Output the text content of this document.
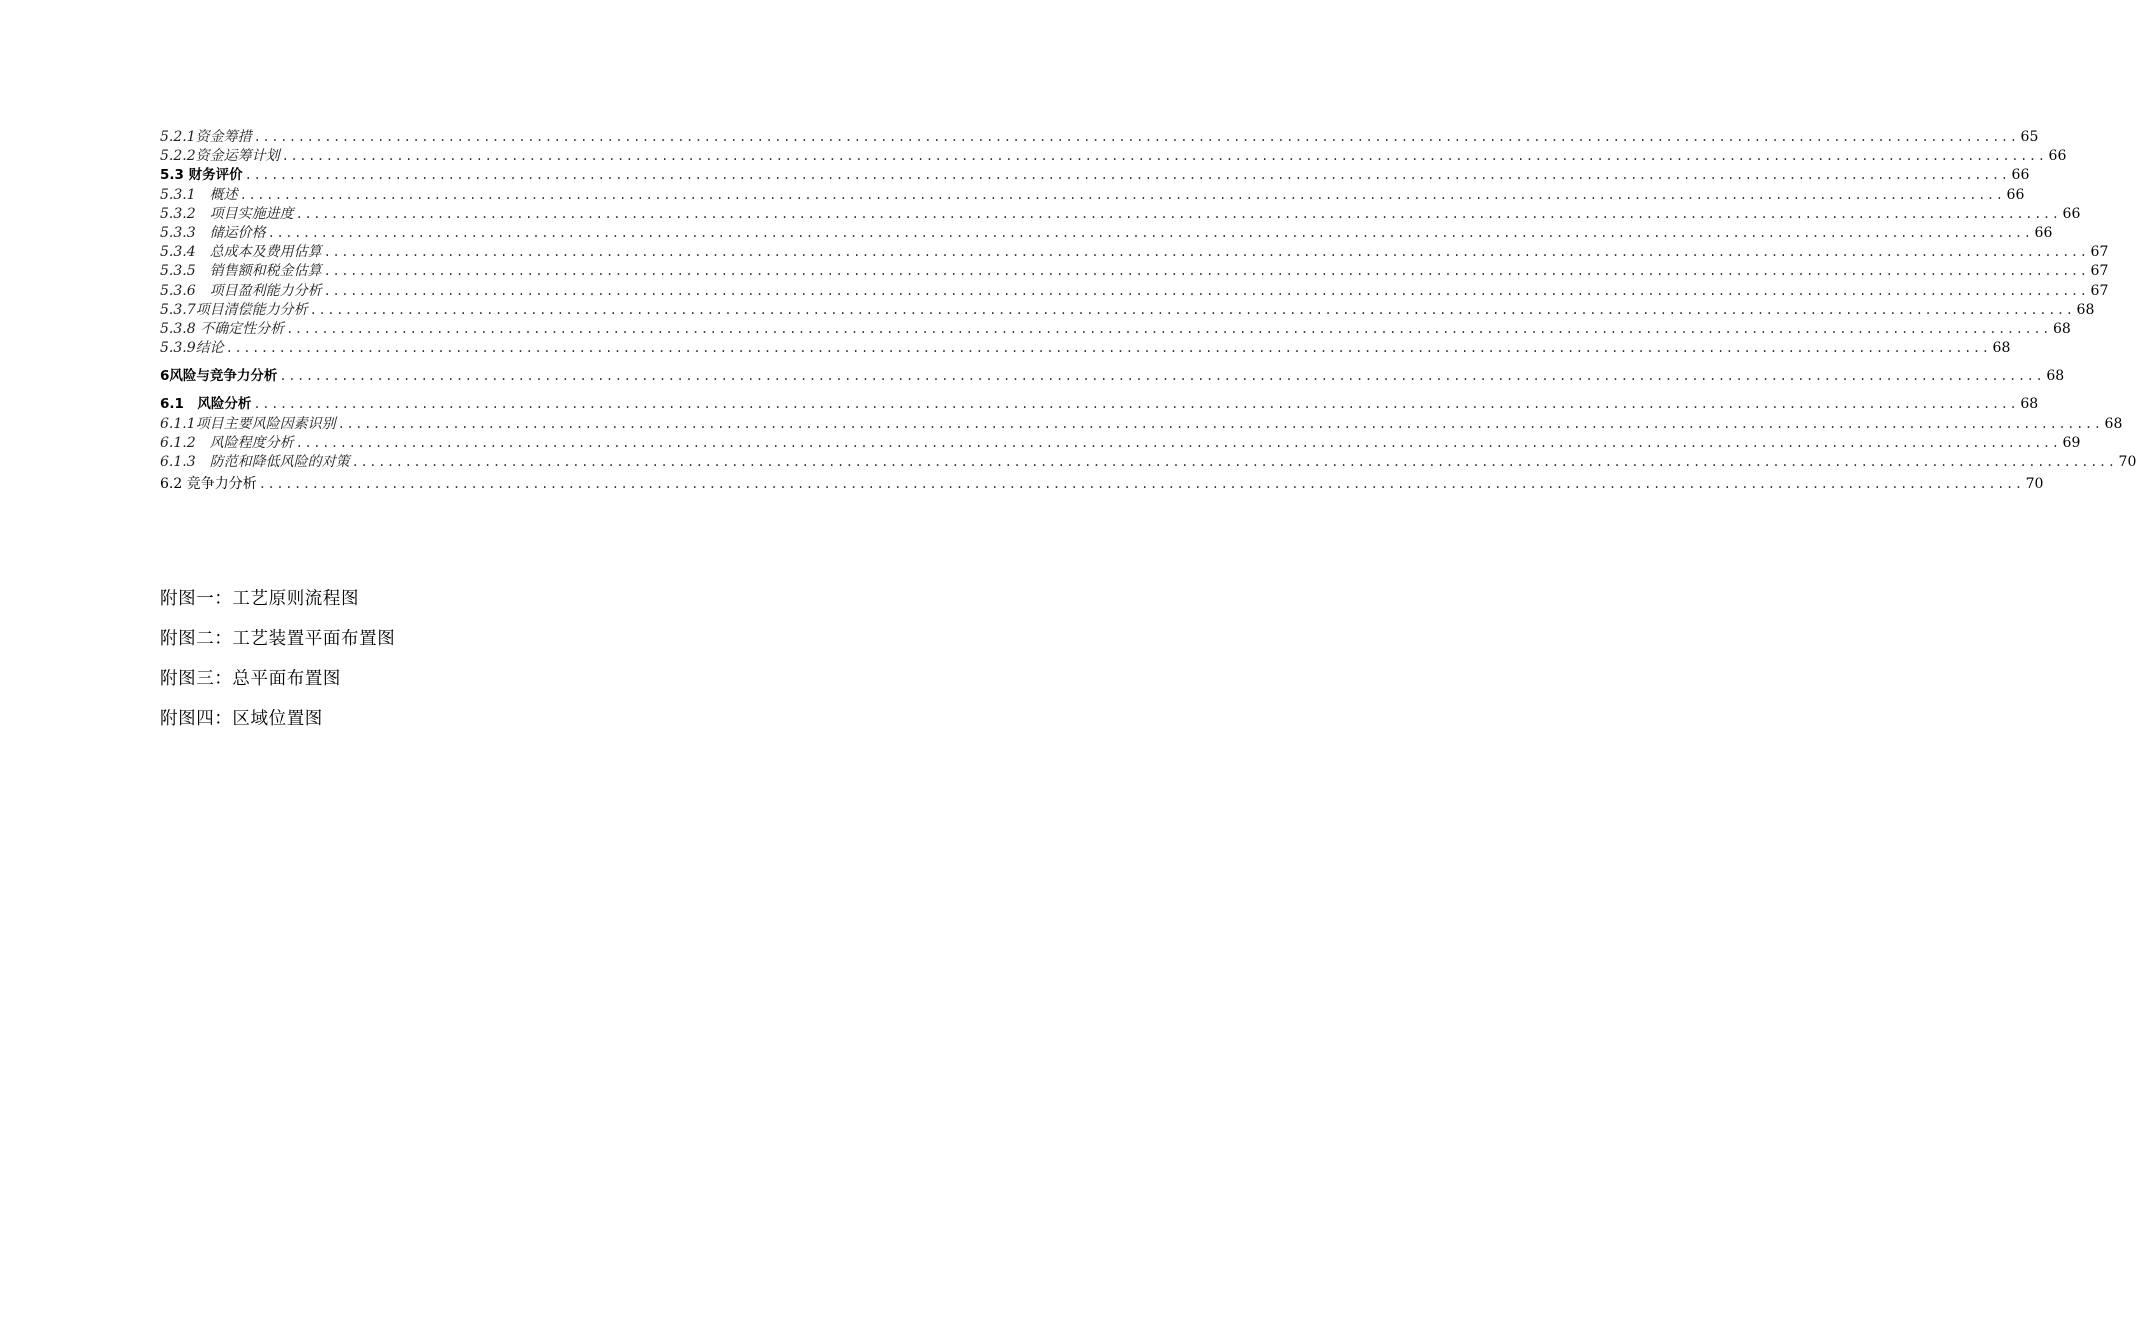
5.2.1资金筹措 ........................................................................................................................................................................................................ 65
5.2.2资金运筹计划 ........................................................................................................................................................................................................ 66
5.3 财务评价 ........................................................................................................................................................................................................ 66
5.3.1　概述 ........................................................................................................................................................................................................ 66
5.3.2　项目实施进度 ........................................................................................................................................................................................................ 66
5.3.3　储运价格 ........................................................................................................................................................................................................ 66
5.3.4　总成本及费用估算 ........................................................................................................................................................................................................ 67
5.3.5　销售额和税金估算 ........................................................................................................................................................................................................ 67
5.3.6　项目盈利能力分析 ........................................................................................................................................................................................................ 67
5.3.7项目清偿能力分析 ........................................................................................................................................................................................................ 68
5.3.8 不确定性分析 ........................................................................................................................................................................................................ 68
5.3.9结论 ........................................................................................................................................................................................................ 68
6风险与竞争力分析 ........................................................................................................................................................................................................ 68
6.1　风险分析 ........................................................................................................................................................................................................ 68
6.1.1项目主要风险因素识别 ........................................................................................................................................................................................................ 68
6.1.2　风险程度分析 ........................................................................................................................................................................................................ 69
6.1.3　防范和降低风险的对策 ........................................................................................................................................................................................................ 70
6.2 竞争力分析 ........................................................................................................................................................................................................ 70
附图一：工艺原则流程图
附图二：工艺装置平面布置图
附图三：总平面布置图
附图四：区域位置图
